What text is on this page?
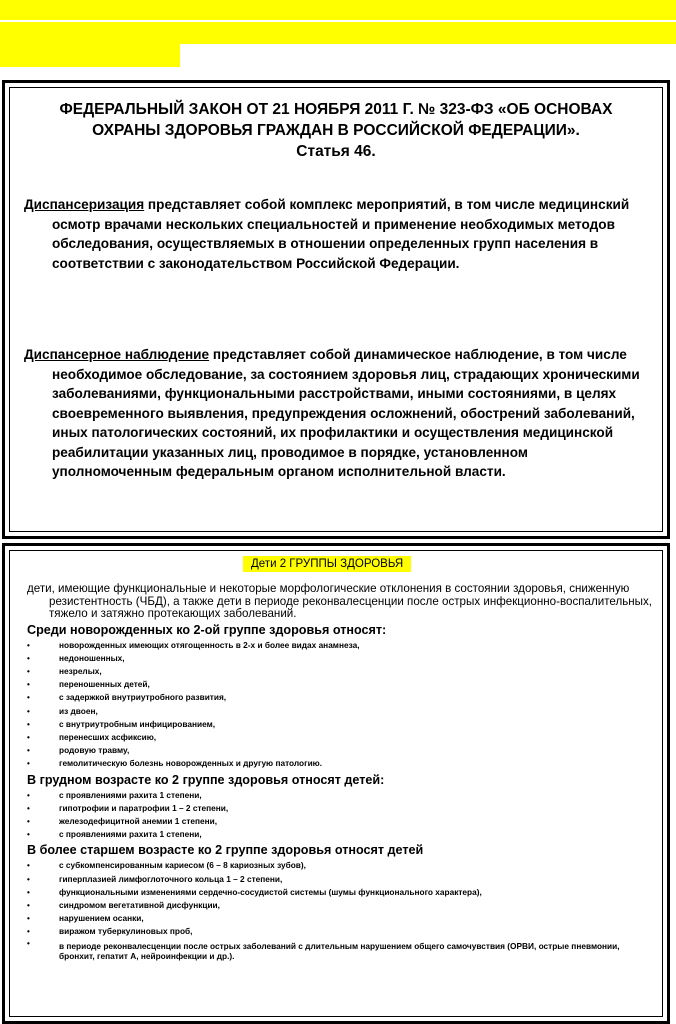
ФЕДЕРАЛЬНЫЙ ЗАКОН ОТ 21 НОЯБРЯ 2011 Г. № 323-ФЗ «ОБ ОСНОВАХ
ОХРАНЫ ЗДОРОВЬЯ ГРАЖДАН В РОССИЙСКОЙ ФЕДЕРАЦИИ».
Статья 46.
Диспансеризация представляет собой комплекс мероприятий, в том числе медицинский осмотр врачами нескольких специальностей и применение необходимых методов обследования, осуществляемых в отношении определенных групп населения в соответствии с законодательством Российской Федерации.
Диспансерное наблюдение представляет собой динамическое наблюдение, в том числе необходимое обследование, за состоянием здоровья лиц, страдающих хроническими заболеваниями, функциональными расстройствами, иными состояниями, в целях своевременного выявления, предупреждения осложнений, обострений заболеваний, иных патологических состояний, их профилактики и осуществления медицинской реабилитации указанных лиц, проводимое в порядке, установленном уполномоченным федеральным органом исполнительной власти.
Дети 2 ГРУППЫ ЗДОРОВЬЯ

дети, имеющие функциональные и некоторые морфологические отклонения в состоянии здоровья, сниженную резистентность (ЧБД), а также дети в периоде реконвалесценции после острых инфекционно-воспалительных, тяжело и затяжно протекающих заболеваний.

Среди новорожденных ко 2-ой группе здоровья относят:
• новорожденных имеющих отягощенность в 2-х и более видах анамнеза,
• недоношенных,
• незрелых,
• переношенных детей,
• с задержкой внутриутробного развития,
• из двоен,
• с внутриутробным инфицированием,
• перенесших асфиксию,
• родовую травму,
• гемолитическую болезнь новорожденных и другую патологию.
В грудном возрасте ко 2 группе здоровья относят детей:
• с проявлениями рахита 1 степени,
• гипотрофии и паратрофии 1 – 2 степени,
• железодефицитной анемии 1 степени,
• с проявлениями рахита 1 степени,
В более старшем возрасте ко 2 группе здоровья относят детей
• с субкомпенсированным кариесом (6 – 8 кариозных зубов),
• гиперплазией лимфоглоточного кольца 1 – 2 степени,
• функциональными изменениями сердечно-сосудистой системы (шумы функционального характера),
• синдромом вегетативной дисфункции,
• нарушением осанки,
• виражом туберкулиновых проб,
• в периоде реконвалесценции после острых заболеваний с длительным нарушением общего самочувствия (ОРВИ, острые пневмонии, бронхит, гепатит А, нейроинфекции и др.).
